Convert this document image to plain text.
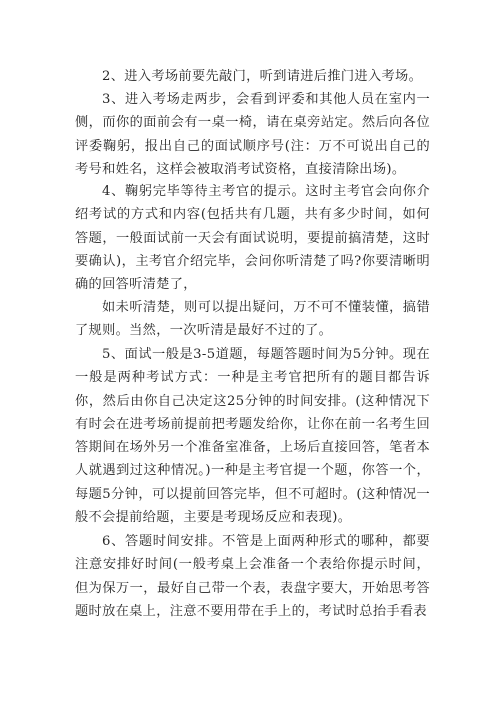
2、进入考场前要先敲门，听到请进后推门进入考场。

3、进入考场走两步，会看到评委和其他人员在室内一侧，而你的面前会有一桌一椅，请在桌旁站定。然后向各位评委鞠躬，报出自己的面试顺序号(注：万不可说出自己的考号和姓名，这样会被取消考试资格，直接清除出场)。

4、鞠躬完毕等待主考官的提示。这时主考官会向你介绍考试的方式和内容(包括共有几题，共有多少时间，如何答题，一般面试前一天会有面试说明，要提前搞清楚，这时要确认)，主考官介绍完毕，会问你听清楚了吗?你要清晰明确的回答听清楚了，

如未听清楚，则可以提出疑问，万不可不懂装懂，搞错了规则。当然，一次听清是最好不过的了。

5、面试一般是3-5道题，每题答题时间为5分钟。现在一般是两种考试方式：一种是主考官把所有的题目都告诉你，然后由你自己决定这25分钟的时间安排。(这种情况下有时会在进考场前提前把考题发给你，让你在前一名考生回答期间在场外另一个准备室准备，上场后直接回答，笔者本人就遇到过这种情况。)一种是主考官提一个题，你答一个，每题5分钟，可以提前回答完毕，但不可超时。(这种情况一般不会提前给题，主要是考现场反应和表现)。

6、答题时间安排。不管是上面两种形式的哪种，都要注意安排好时间(一般考桌上会准备一个表给你提示时间，但为保万一，最好自己带一个表，表盘字要大，开始思考答题时放在桌上，注意不要用带在手上的，考试时总抬手看表
